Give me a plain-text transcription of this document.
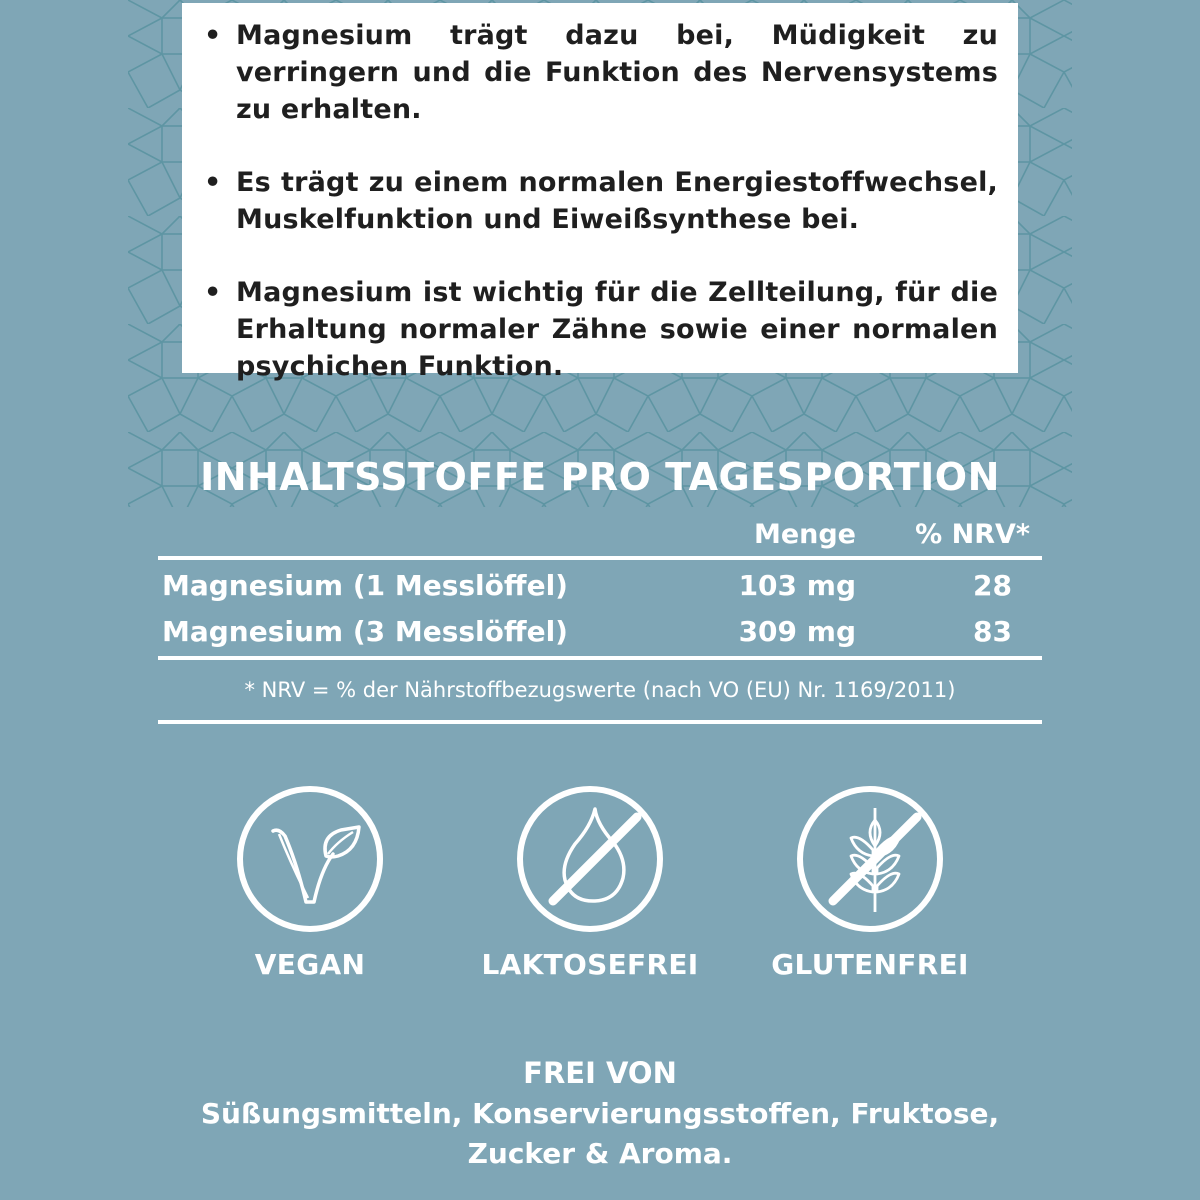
• Magnesium trägt dazu bei, Müdigkeit zu verringern und die Funktion des Nervensystems zu erhalten.
• Es trägt zu einem normalen Energiestoffwechsel, Muskelfunktion und Eiweißsynthese bei.
• Magnesium ist wichtig für die Zellteilung, für die Erhaltung normaler Zähne sowie einer normalen psychichen Funktion.
INHALTSSTOFFE PRO TAGESPORTION
Menge	% NRV*
Magnesium (1 Messlöffel)	103 mg	28
Magnesium (3 Messlöffel)	309 mg	83
* NRV = % der Nährstoffbezugswerte (nach VO (EU) Nr. 1169/2011)
VEGAN	LAKTOSEFREI	GLUTENFREI
FREI VON
Süßungsmitteln, Konservierungsstoffen, Fruktose,
Zucker & Aroma.
